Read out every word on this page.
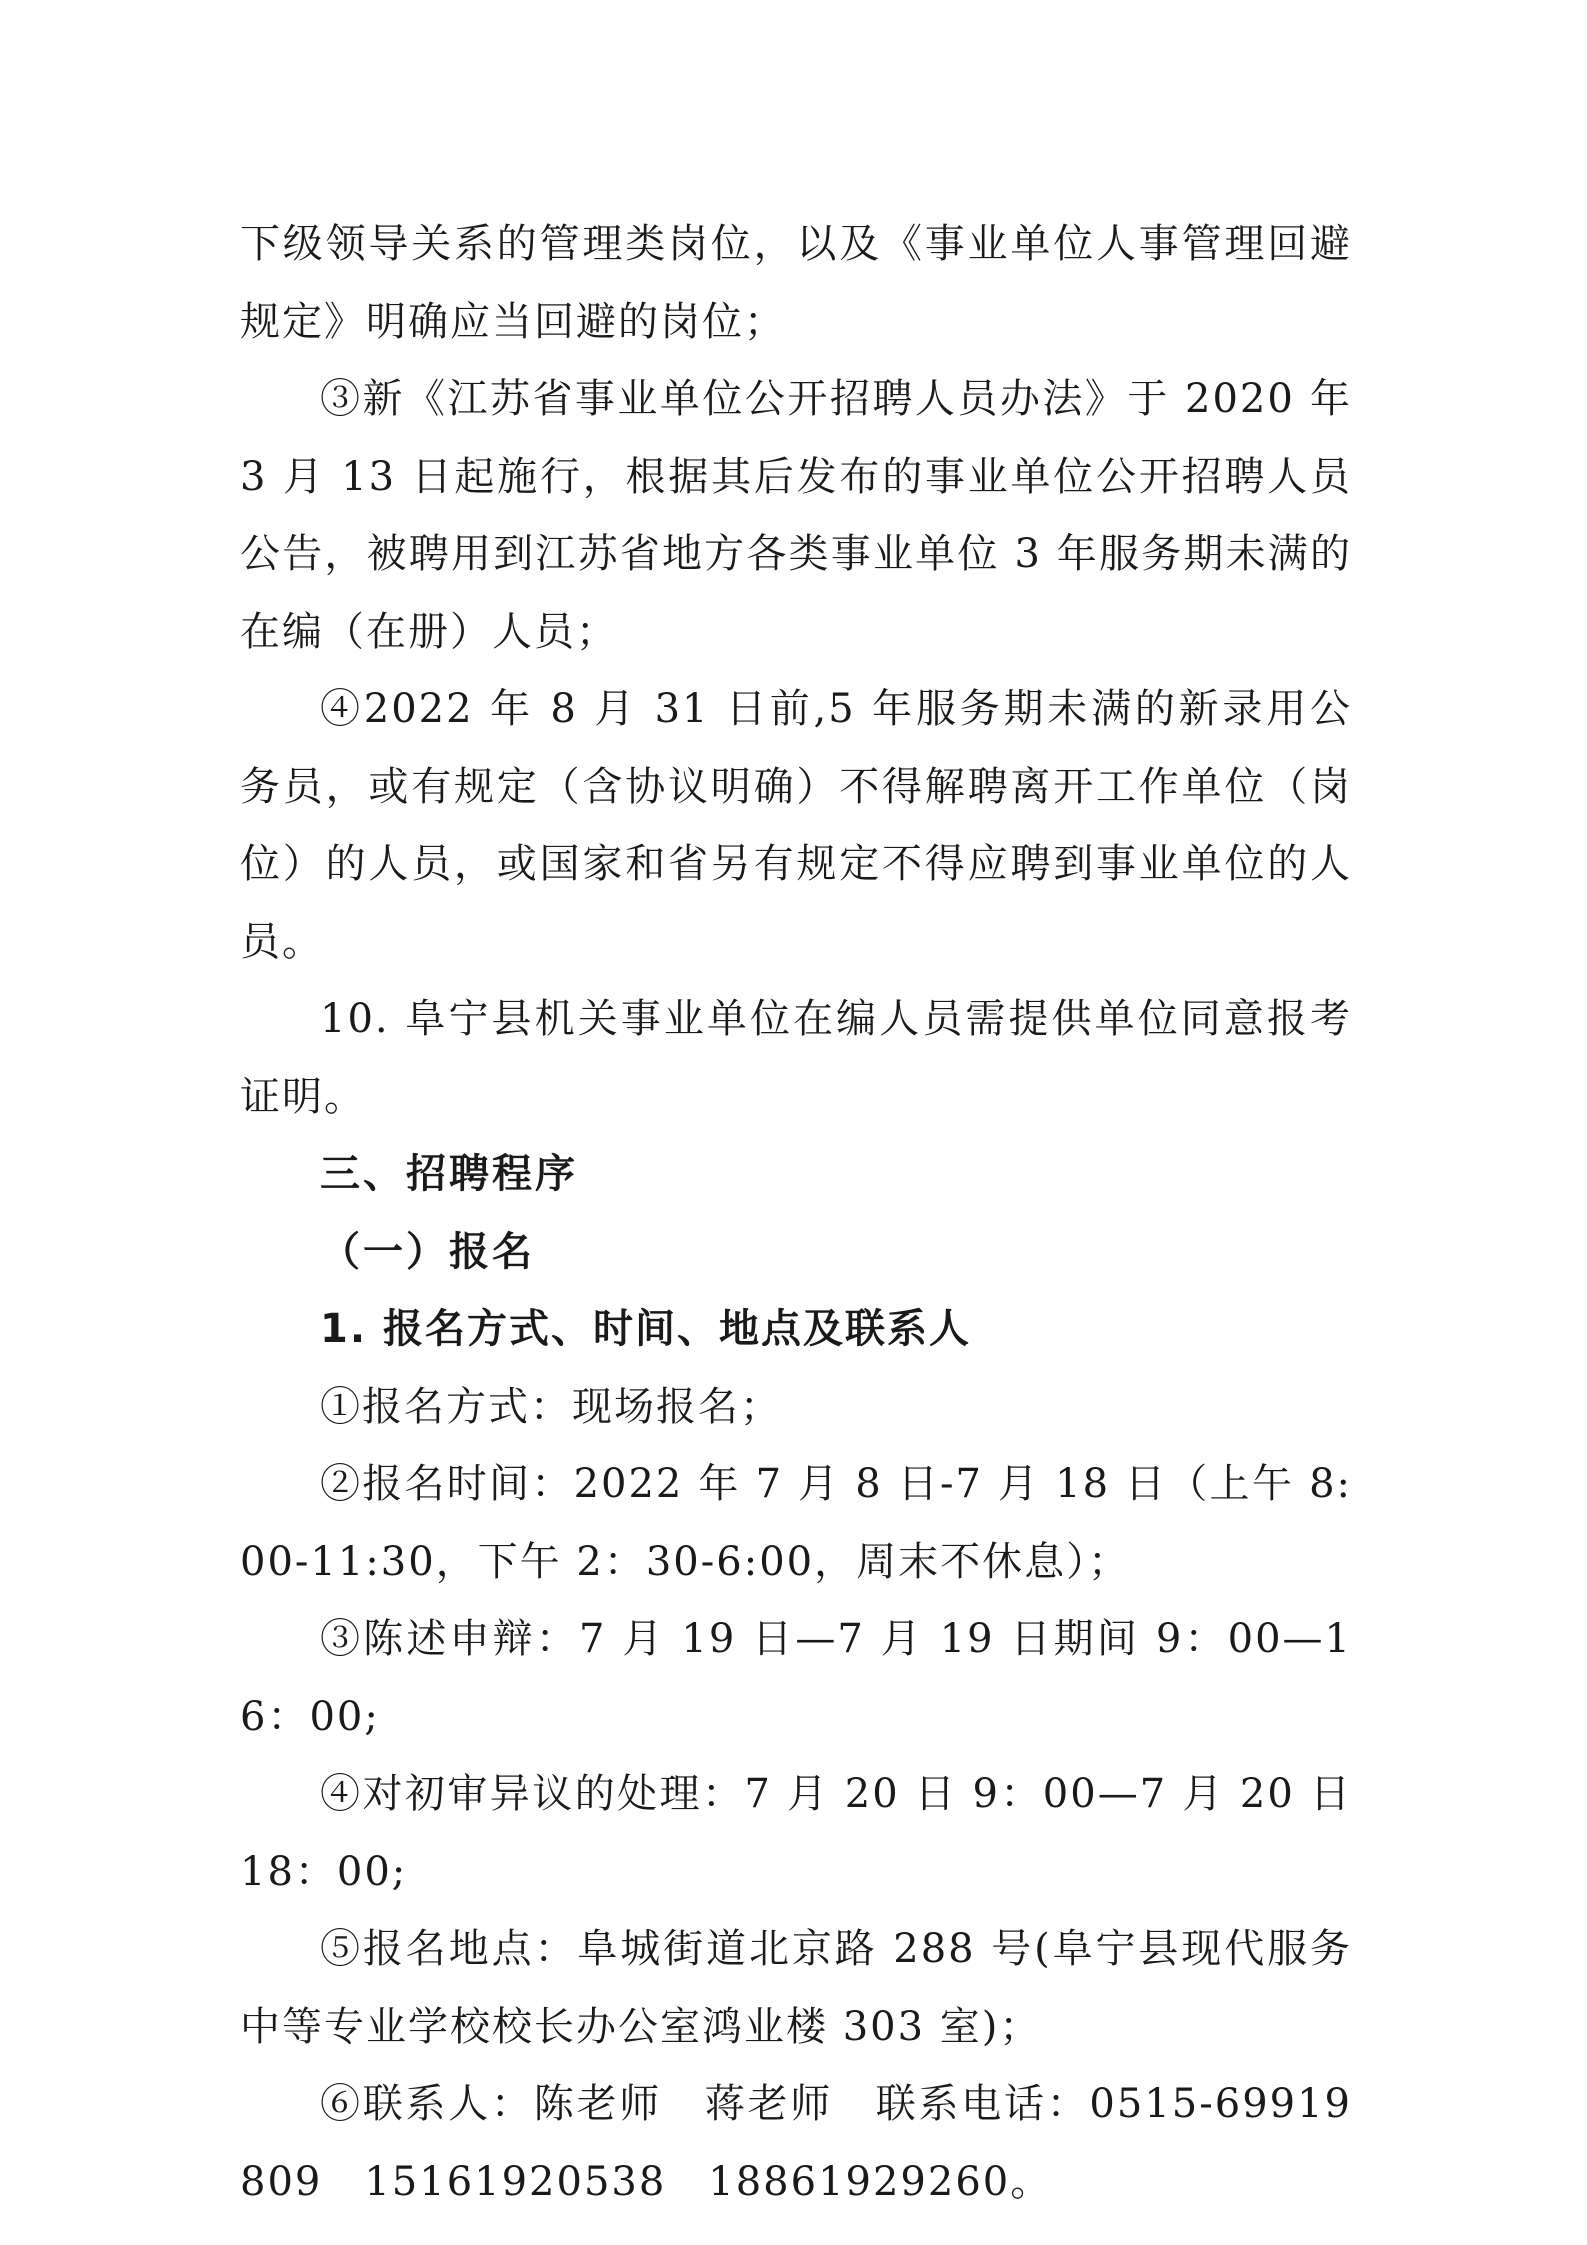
下级领导关系的管理类岗位，以及《事业单位人事管理回避规定》明确应当回避的岗位；

③新《江苏省事业单位公开招聘人员办法》于 2020 年 3 月 13 日起施行，根据其后发布的事业单位公开招聘人员公告，被聘用到江苏省地方各类事业单位 3 年服务期未满的在编（在册）人员；

④2022 年 8 月 31 日前,5 年服务期未满的新录用公务员，或有规定（含协议明确）不得解聘离开工作单位（岗位）的人员，或国家和省另有规定不得应聘到事业单位的人员。

10. 阜宁县机关事业单位在编人员需提供单位同意报考证明。

三、招聘程序

（一）报名

1. 报名方式、时间、地点及联系人

①报名方式：现场报名；

②报名时间：2022 年 7 月 8 日-7 月 18 日（上午 8:00-11:30，下午 2：30-6:00，周末不休息）；

③陈述申辩：7 月 19 日—7 月 19 日期间 9：00—16：00;

④对初审异议的处理：7 月 20 日 9：00—7 月 20 日 18：00;

⑤报名地点：阜城街道北京路 288 号(阜宁县现代服务中等专业学校校长办公室鸿业楼 303 室)；

⑥联系人：陈老师　蒋老师　联系电话：0515-69919809　15161920538　18861929260。
